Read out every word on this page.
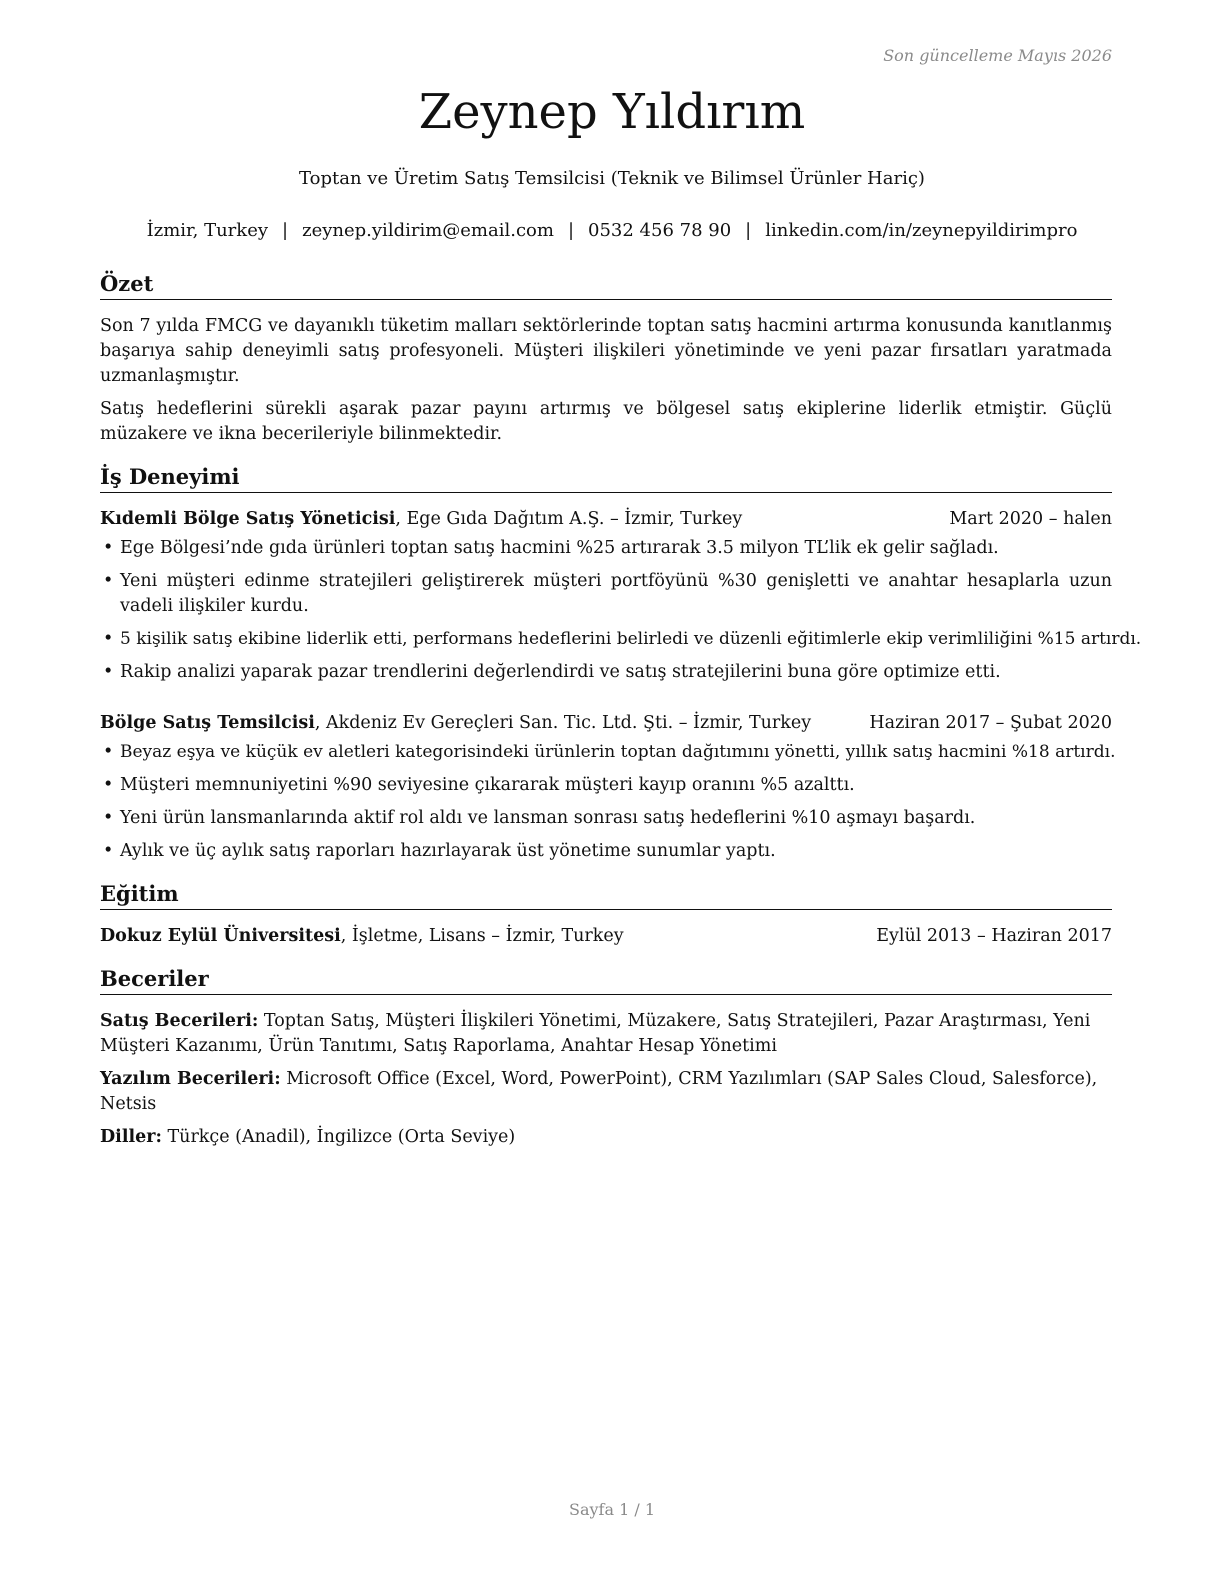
Son güncelleme Mayıs 2026
Zeynep Yıldırım
Toptan ve Üretim Satış Temsilcisi (Teknik ve Bilimsel Ürünler Hariç)
İzmir, Turkey | zeynep.yildirim@email.com | 0532 456 78 90 | linkedin.com/in/zeynepyildirimpro
Özet

Son 7 yılda FMCG ve dayanıklı tüketim malları sektörlerinde toptan satış hacmini artırma konusunda kanıtlanmış başarıya sahip deneyimli satış profesyoneli. Müşteri ilişkileri yönetiminde ve yeni pazar fırsatları yaratmada uzmanlaşmıştır.

Satış hedeflerini sürekli aşarak pazar payını artırmış ve bölgesel satış ekiplerine liderlik etmiştir. Güçlü müzakere ve ikna becerileriyle bilinmektedir.

İş Deneyimi
Kıdemli Bölge Satış Yöneticisi, Ege Gıda Dağıtım A.Ş. – İzmir, Turkey	Mart 2020 – halen
• Ege Bölgesi’nde gıda ürünleri toptan satış hacmini %25 artırarak 3.5 milyon TL’lik ek gelir sağladı.
• Yeni müşteri edinme stratejileri geliştirerek müşteri portföyünü %30 genişletti ve anahtar hesaplarla uzun vadeli ilişkiler kurdu.
• 5 kişilik satış ekibine liderlik etti, performans hedeflerini belirledi ve düzenli eğitimlerle ekip verimliliğini %15 artırdı.
• Rakip analizi yaparak pazar trendlerini değerlendirdi ve satış stratejilerini buna göre optimize etti.
Bölge Satış Temsilcisi, Akdeniz Ev Gereçleri San. Tic. Ltd. Şti. – İzmir, Turkey	Haziran 2017 – Şubat 2020
• Beyaz eşya ve küçük ev aletleri kategorisindeki ürünlerin toptan dağıtımını yönetti, yıllık satış hacmini %18 artırdı.
• Müşteri memnuniyetini %90 seviyesine çıkararak müşteri kayıp oranını %5 azalttı.
• Yeni ürün lansmanlarında aktif rol aldı ve lansman sonrası satış hedeflerini %10 aşmayı başardı.
• Aylık ve üç aylık satış raporları hazırlayarak üst yönetime sunumlar yaptı.
Eğitim
Dokuz Eylül Üniversitesi, İşletme, Lisans – İzmir, Turkey	Eylül 2013 – Haziran 2017
Beceriler
Satış Becerileri: Toptan Satış, Müşteri İlişkileri Yönetimi, Müzakere, Satış Stratejileri, Pazar Araştırması, Yeni Müşteri Kazanımı, Ürün Tanıtımı, Satış Raporlama, Anahtar Hesap Yönetimi
Yazılım Becerileri: Microsoft Office (Excel, Word, PowerPoint), CRM Yazılımları (SAP Sales Cloud, Salesforce), Netsis
Diller: Türkçe (Anadil), İngilizce (Orta Seviye)
Sayfa 1 / 1
